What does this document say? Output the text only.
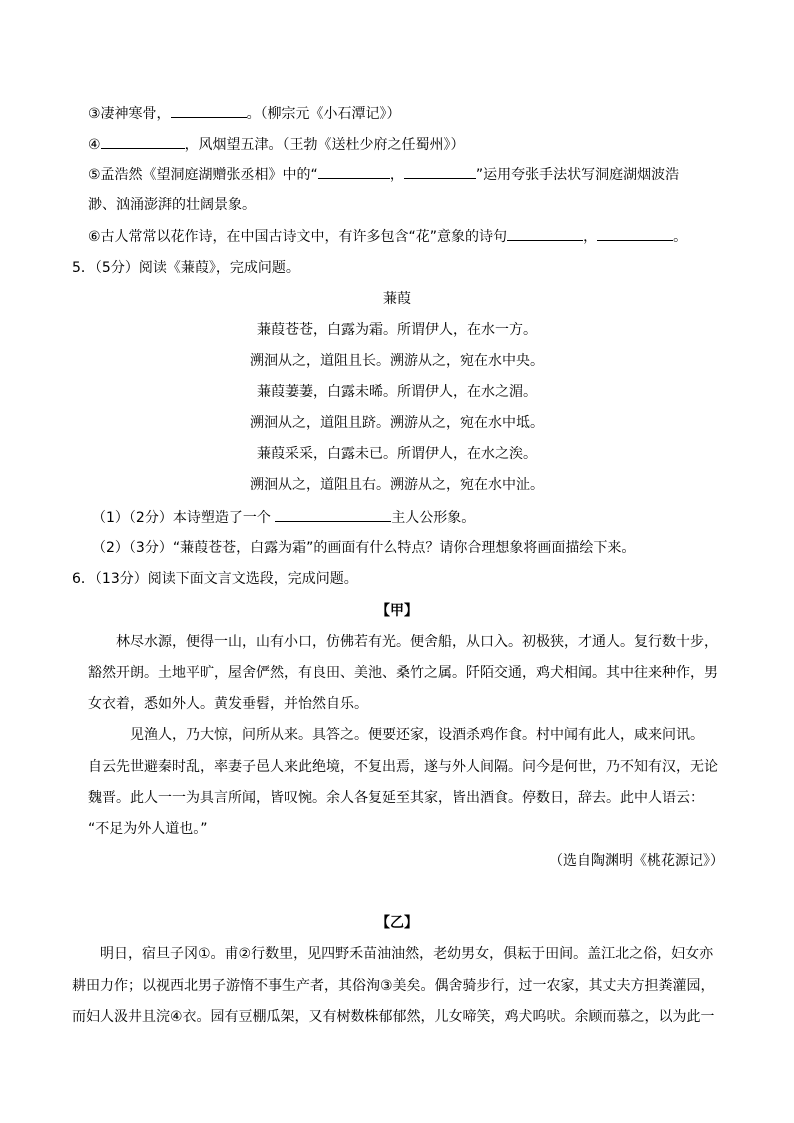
③凄神寒骨，	。（柳宗元《小石潭记》）
④	，风烟望五津。（王勃《送杜少府之任蜀州》）
⑤孟浩然《望洞庭湖赠张丞相》中的“	，	”运用夸张手法状写洞庭湖烟波浩
渺、汹涌澎湃的壮阔景象。
⑥古人常常以花作诗，在中国古诗文中，有许多包含“花”意象的诗句	，	。
5．（5分）阅读《蒹葭》，完成问题。
蒹葭
蒹葭苍苍，白露为霜。所谓伊人，在水一方。
溯洄从之，道阻且长。溯游从之，宛在水中央。
蒹葭萋萋，白露未晞。所谓伊人，在水之湄。
溯洄从之，道阻且跻。溯游从之，宛在水中坻。
蒹葭采采，白露未已。所谓伊人，在水之涘。
溯洄从之，道阻且右。溯游从之，宛在水中沚。
（1）（2分）本诗塑造了一个	主人公形象。
（2）（3分）“蒹葭苍苍，白露为霜”的画面有什么特点？请你合理想象将画面描绘下来。
6．（13分）阅读下面文言文选段，完成问题。
【甲】
林尽水源，便得一山，山有小口，仿佛若有光。便舍船，从口入。初极狭，才通人。复行数十步，
豁然开朗。土地平旷，屋舍俨然，有良田、美池、桑竹之属。阡陌交通，鸡犬相闻。其中往来种作，男
女衣着，悉如外人。黄发垂髫，并怡然自乐。
见渔人，乃大惊，问所从来。具答之。便要还家，设酒杀鸡作食。村中闻有此人，咸来问讯。
自云先世避秦时乱，率妻子邑人来此绝境，不复出焉，遂与外人间隔。问今是何世，乃不知有汉，无论
魏晋。此人一一为具言所闻，皆叹惋。余人各复延至其家，皆出酒食。停数日，辞去。此中人语云：
“不足为外人道也。”
（选自陶渊明《桃花源记》）
【乙】
明日，宿旦子冈①。甫②行数里，见四野禾苗油油然，老幼男女，俱耘于田间。盖江北之俗，妇女亦
耕田力作；以视西北男子游惰不事生产者，其俗洵③美矣。偶舍骑步行，过一农家，其丈夫方担粪灌园，
而妇人汲井且浣④衣。园有豆棚瓜架，又有树数株郁郁然，儿女啼笑，鸡犬呜吠。余顾而慕之，以为此一
